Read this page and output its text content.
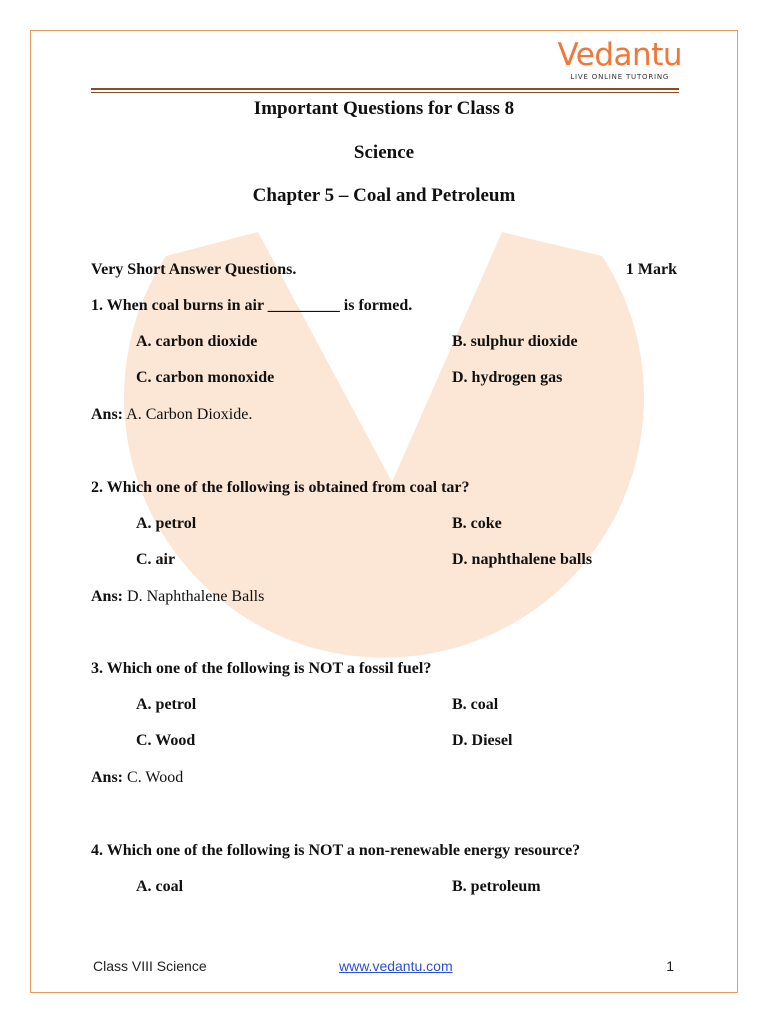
Vedantu
LIVE ONLINE TUTORING
Important Questions for Class 8
Science
Chapter 5 – Coal and Petroleum
Very Short Answer Questions.	1 Mark
1. When coal burns in air _________ is formed.
A. carbon dioxide	B. sulphur dioxide
C. carbon monoxide	D. hydrogen gas
Ans: A. Carbon Dioxide.
2. Which one of the following is obtained from coal tar?
A. petrol	B. coke
C. air	D. naphthalene balls
Ans: D. Naphthalene Balls
3. Which one of the following is NOT a fossil fuel?
A. petrol	B. coal
C. Wood	D. Diesel
Ans: C. Wood
4. Which one of the following is NOT a non-renewable energy resource?
A. coal	B. petroleum
Class VIII Science	www.vedantu.com	1
